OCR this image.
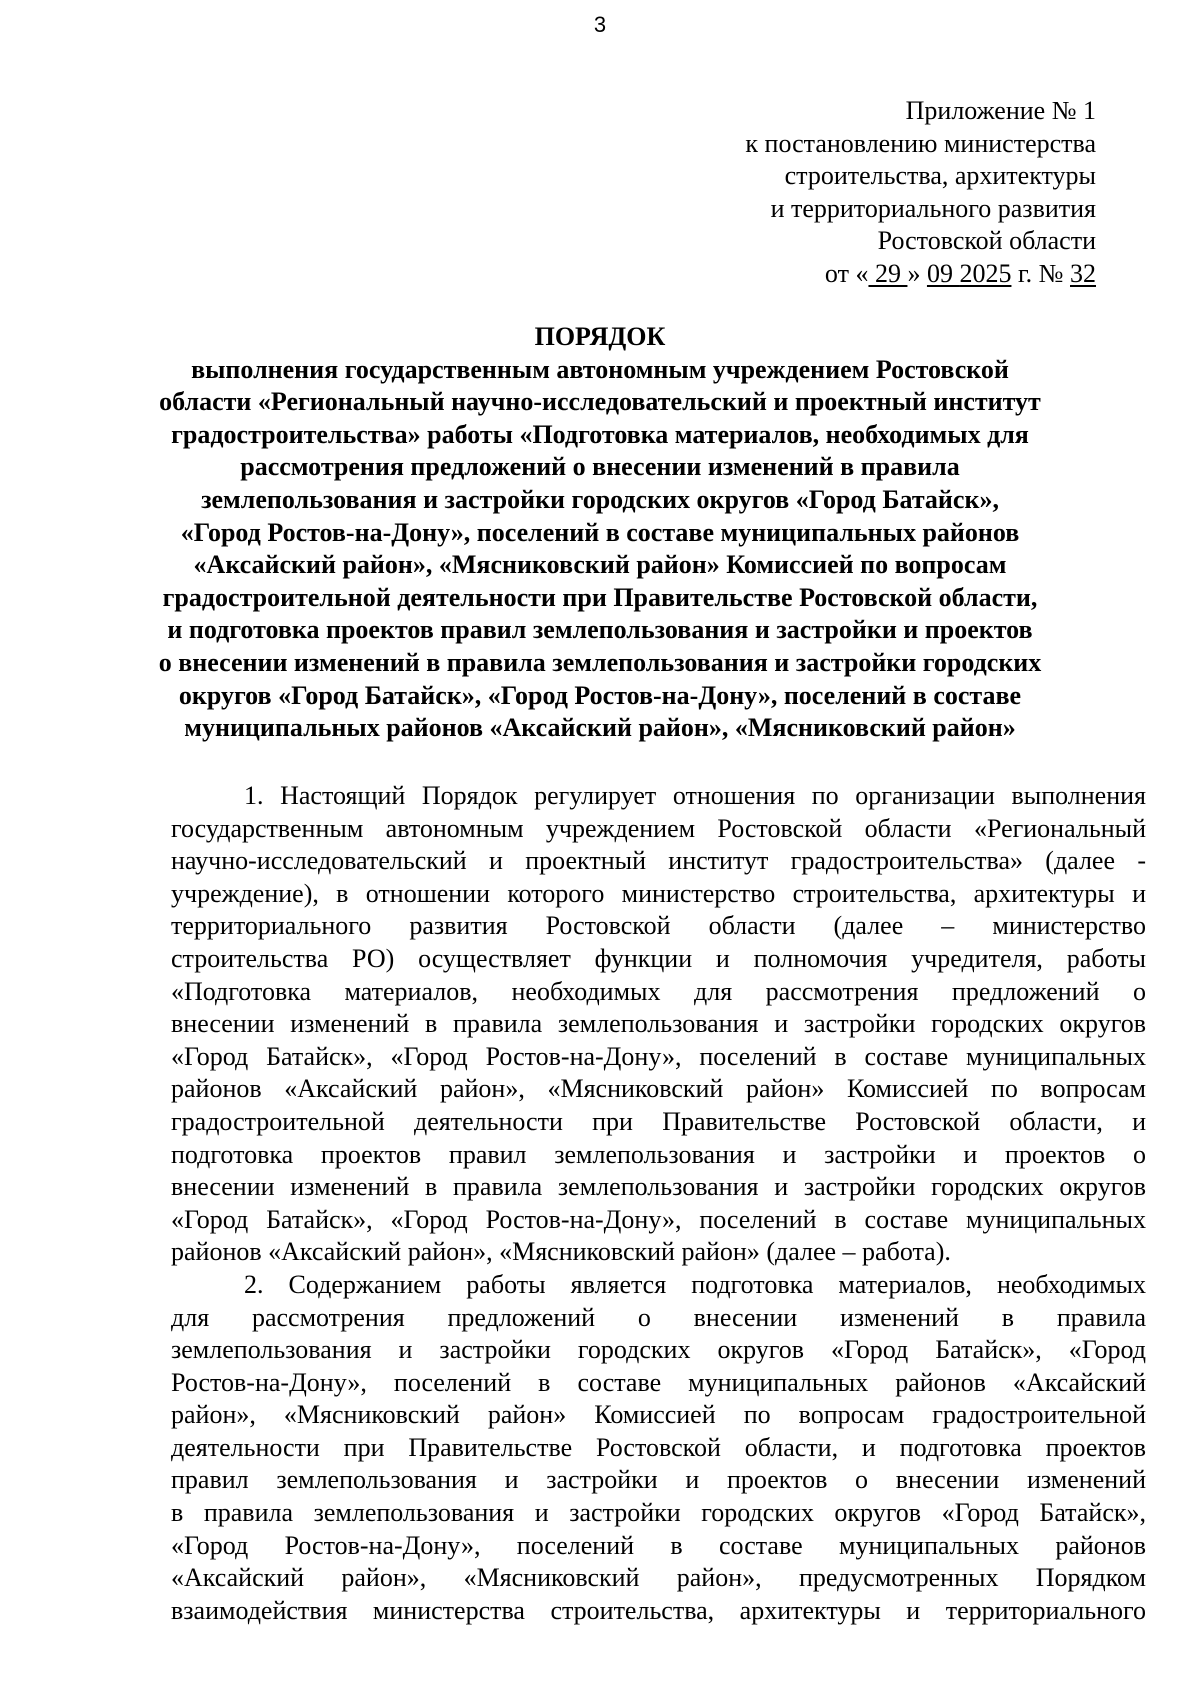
3
Приложение № 1
к постановлению министерства
строительства, архитектуры
и территориального развития
Ростовской области
от « 29 » 09 2025 г. № 32
ПОРЯДОК
выполнения государственным автономным учреждением Ростовской
области «Региональный научно-исследовательский и проектный институт
градостроительства» работы «Подготовка материалов, необходимых для
рассмотрения предложений о внесении изменений в правила
землепользования и застройки городских округов «Город Батайск»,
«Город Ростов-на-Дону», поселений в составе муниципальных районов
«Аксайский район», «Мясниковский район» Комиссией по вопросам
градостроительной деятельности при Правительстве Ростовской области,
и подготовка проектов правил землепользования и застройки и проектов
о внесении изменений в правила землепользования и застройки городских
округов «Город Батайск», «Город Ростов-на-Дону», поселений в составе
муниципальных районов «Аксайский район», «Мясниковский район»
1. Настоящий Порядок регулирует отношения по организации выполнения
государственным автономным учреждением Ростовской области «Региональный
научно-исследовательский и проектный институт градостроительства» (далее -
учреждение), в отношении которого министерство строительства, архитектуры и
территориального развития Ростовской области (далее – министерство
строительства РО) осуществляет функции и полномочия учредителя, работы
«Подготовка материалов, необходимых для рассмотрения предложений о
внесении изменений в правила землепользования и застройки городских округов
«Город Батайск», «Город Ростов-на-Дону», поселений в составе муниципальных
районов «Аксайский район», «Мясниковский район» Комиссией по вопросам
градостроительной деятельности при Правительстве Ростовской области, и
подготовка проектов правил землепользования и застройки и проектов о
внесении изменений в правила землепользования и застройки городских округов
«Город Батайск», «Город Ростов-на-Дону», поселений в составе муниципальных
районов «Аксайский район», «Мясниковский район» (далее – работа).
2. Содержанием работы является подготовка материалов, необходимых
для рассмотрения предложений о внесении изменений в правила
землепользования и застройки городских округов «Город Батайск», «Город
Ростов-на-Дону», поселений в составе муниципальных районов «Аксайский
район», «Мясниковский район» Комиссией по вопросам градостроительной
деятельности при Правительстве Ростовской области, и подготовка проектов
правил землепользования и застройки и проектов о внесении изменений
в правила землепользования и застройки городских округов «Город Батайск»,
«Город Ростов-на-Дону», поселений в составе муниципальных районов
«Аксайский район», «Мясниковский район», предусмотренных Порядком
взаимодействия министерства строительства, архитектуры и территориального
